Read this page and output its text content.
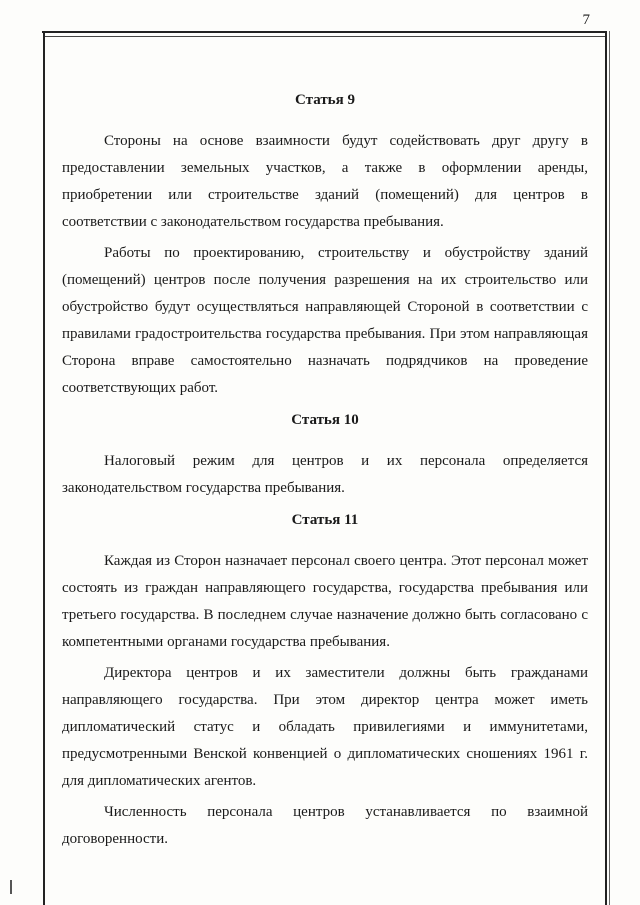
7
Статья 9

Стороны на основе взаимности будут содействовать друг другу в предоставлении земельных участков, а также в оформлении аренды, приобретении или строительстве зданий (помещений) для центров в соответствии с законодательством государства пребывания.

Работы по проектированию, строительству и обустройству зданий (помещений) центров после получения разрешения на их строительство или обустройство будут осуществляться направляющей Стороной в соответствии с правилами градостроительства государства пребывания. При этом направляющая Сторона вправе самостоятельно назначать подрядчиков на проведение соответствующих работ.

Статья 10

Налоговый режим для центров и их персонала определяется законодательством государства пребывания.

Статья 11

Каждая из Сторон назначает персонал своего центра. Этот персонал может состоять из граждан направляющего государства, государства пребывания или третьего государства. В последнем случае назначение должно быть согласовано с компетентными органами государства пребывания.

Директора центров и их заместители должны быть гражданами направляющего государства. При этом директор центра может иметь дипломатический статус и обладать привилегиями и иммунитетами, предусмотренными Венской конвенцией о дипломатических сношениях 1961 г. для дипломатических агентов.

Численность персонала центров устанавливается по взаимной договоренности.
